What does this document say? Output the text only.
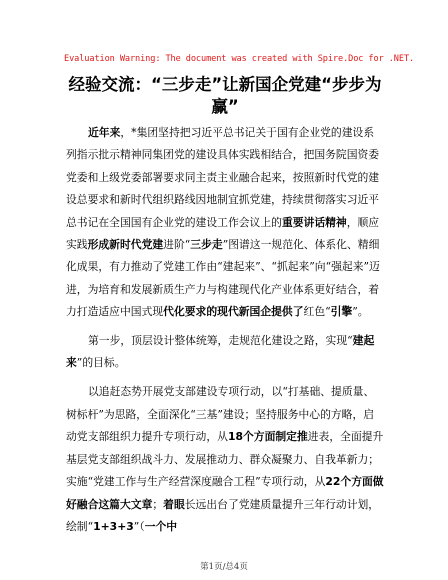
Evaluation Warning: The document was created with Spire.Doc for .NET.
经验交流：“三步走”让新国企党建“步步为赢”

近年来，*集团坚持把习近平总书记关于国有企业党的建设系列指示批示精神同集团党的建设具体实践相结合，把国务院国资委党委和上级党委部署要求同主责主业融合起来，按照新时代党的建设总要求和新时代组织路线因地制宜抓党建，持续贯彻落实习近平总书记在全国国有企业党的建设工作会议上的重要讲话精神，顺应实践形成新时代党建进阶“三步走”图谱这一规范化、体系化、精细化成果，有力推动了党建工作由“建起来”、“抓起来”向“强起来”迈进，为培育和发展新质生产力与构建现代化产业体系更好结合，着力打造适应中国式现代化要求的现代新国企提供了红色“引擎”。

第一步，顶层设计整体统筹，走规范化建设之路，实现“建起来”的目标。

以追赶态势开展党支部建设专项行动，以“打基础、提质量、树标杆”为思路，全面深化“三基”建设；坚持服务中心的方略，启动党支部组织力提升专项行动，从18个方面制定推进表，全面提升基层党支部组织战斗力、发展推动力、群众凝聚力、自我革新力；实施“党建工作与生产经营深度融合工程”专项行动，从22个方面做好融合这篇大文章；着眼长远出台了党建质量提升三年行动计划，绘制“1+3+3”（一个中

第1页/总4页
